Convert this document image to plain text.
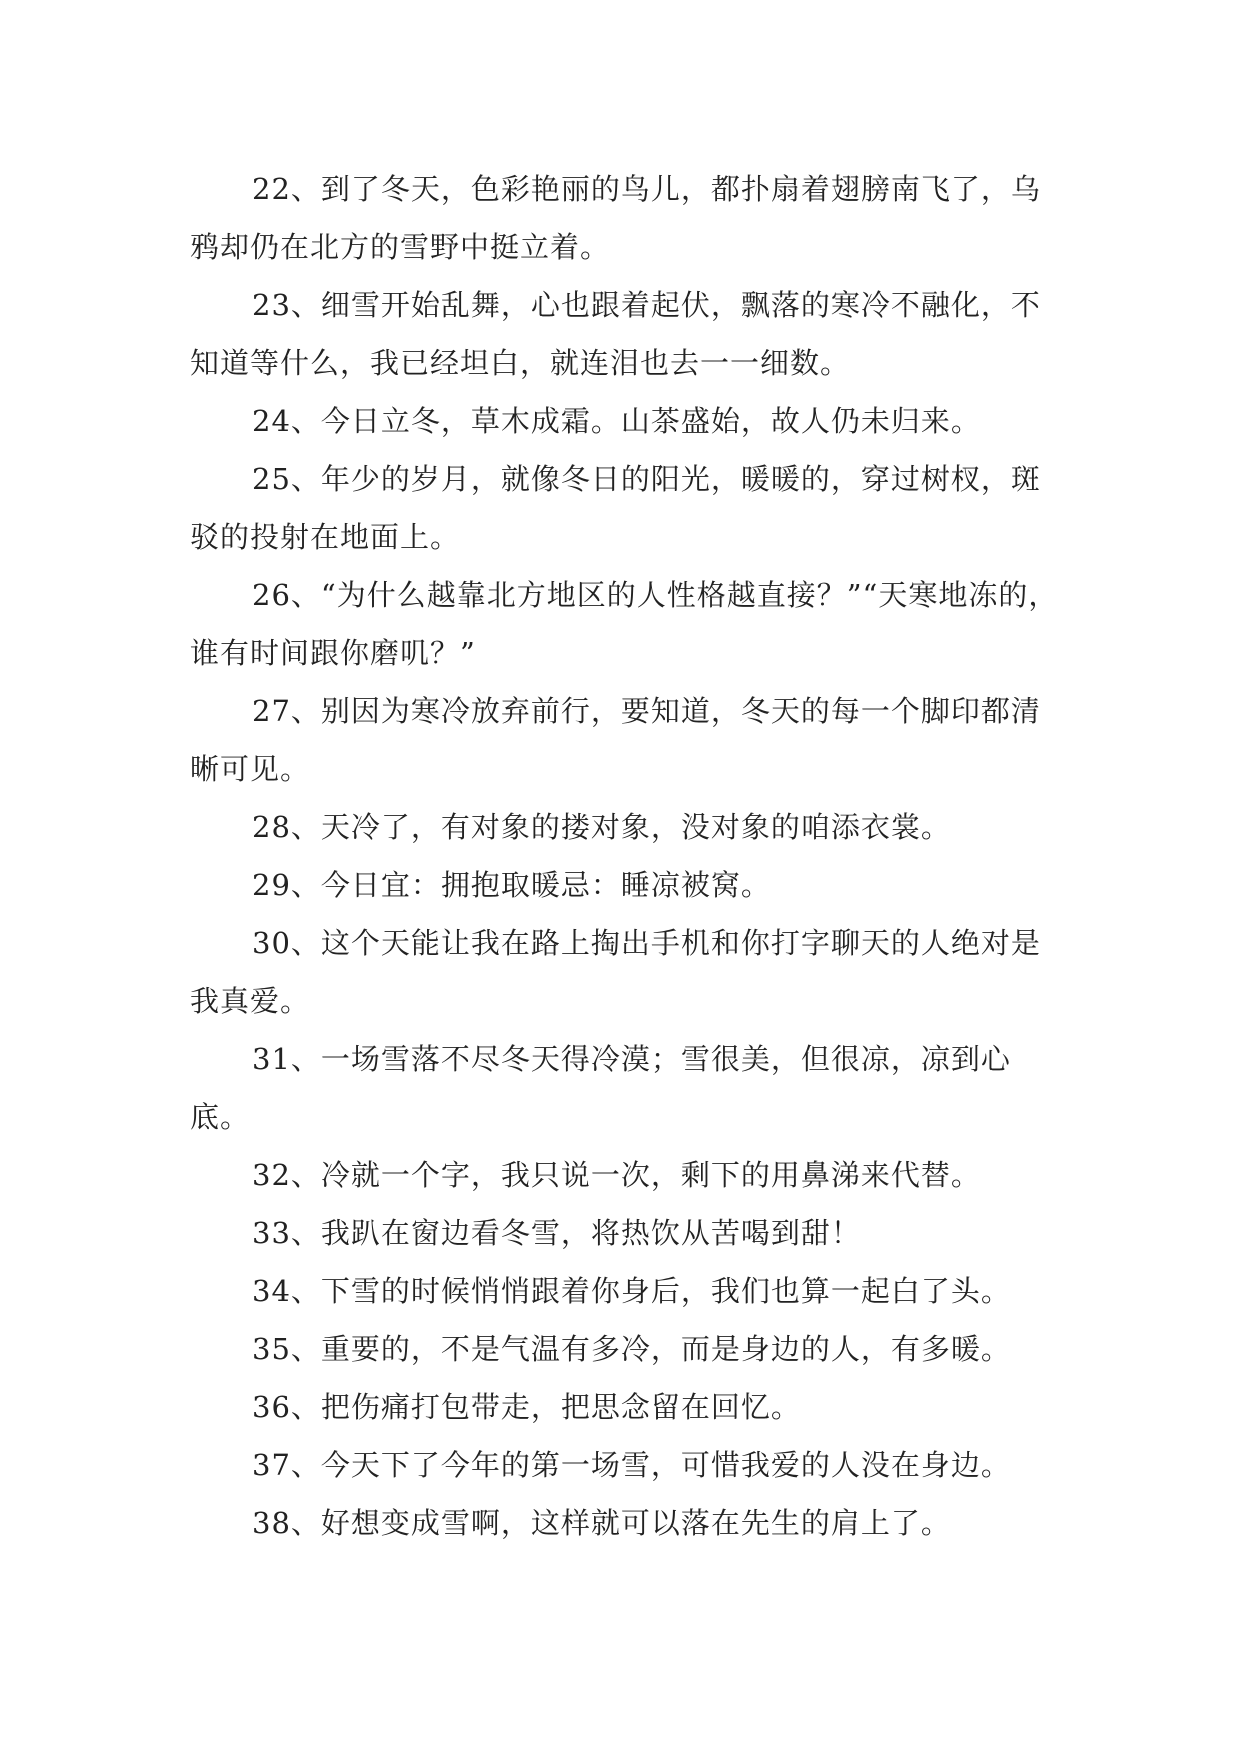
22、到了冬天，色彩艳丽的鸟儿，都扑扇着翅膀南飞了，乌鸦却仍在北方的雪野中挺立着。

23、细雪开始乱舞，心也跟着起伏，飘落的寒冷不融化，不知道等什么，我已经坦白，就连泪也去一一细数。

24、今日立冬，草木成霜。山茶盛始，故人仍未归来。

25、年少的岁月，就像冬日的阳光，暖暖的，穿过树杈，斑驳的投射在地面上。

26、“为什么越靠北方地区的人性格越直接？”“天寒地冻的，谁有时间跟你磨叽？”

27、别因为寒冷放弃前行，要知道，冬天的每一个脚印都清晰可见。

28、天冷了，有对象的搂对象，没对象的咱添衣裳。

29、今日宜：拥抱取暖忌：睡凉被窝。

30、这个天能让我在路上掏出手机和你打字聊天的人绝对是我真爱。

31、一场雪落不尽冬天得冷漠；雪很美，但很凉，凉到心底。

32、冷就一个字，我只说一次，剩下的用鼻涕来代替。

33、我趴在窗边看冬雪，将热饮从苦喝到甜！

34、下雪的时候悄悄跟着你身后，我们也算一起白了头。

35、重要的，不是气温有多冷，而是身边的人，有多暖。

36、把伤痛打包带走，把思念留在回忆。

37、今天下了今年的第一场雪，可惜我爱的人没在身边。

38、好想变成雪啊，这样就可以落在先生的肩上了。
